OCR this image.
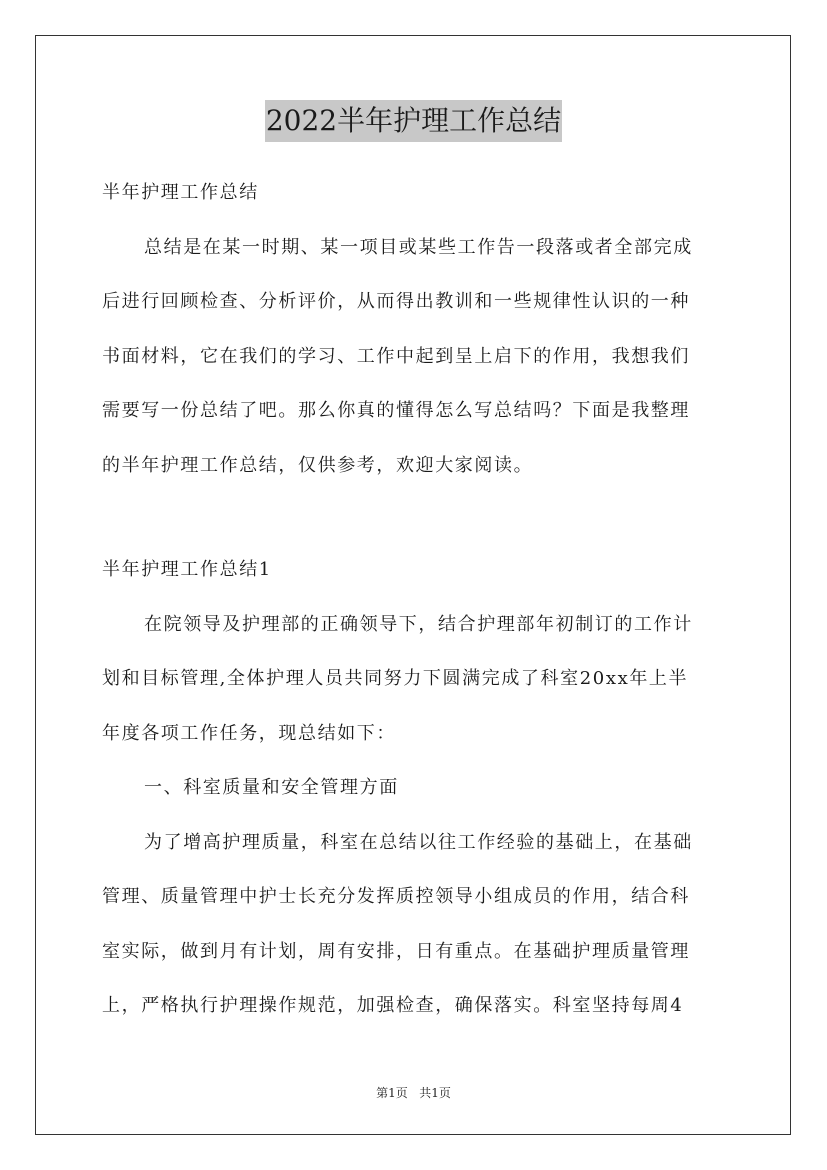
2022半年护理工作总结
半年护理工作总结
总结是在某一时期、某一项目或某些工作告一段落或者全部完成
后进行回顾检查、分析评价，从而得出教训和一些规律性认识的一种
书面材料，它在我们的学习、工作中起到呈上启下的作用，我想我们
需要写一份总结了吧。那么你真的懂得怎么写总结吗？下面是我整理
的半年护理工作总结，仅供参考，欢迎大家阅读。
半年护理工作总结1
在院领导及护理部的正确领导下，结合护理部年初制订的工作计
划和目标管理,全体护理人员共同努力下圆满完成了科室20xx年上半
年度各项工作任务，现总结如下：
一、科室质量和安全管理方面
为了增高护理质量，科室在总结以往工作经验的基础上，在基础
管理、质量管理中护士长充分发挥质控领导小组成员的作用，结合科
室实际，做到月有计划，周有安排，日有重点。在基础护理质量管理
上，严格执行护理操作规范，加强检查，确保落实。科室坚持每周4
第1页 共1页
